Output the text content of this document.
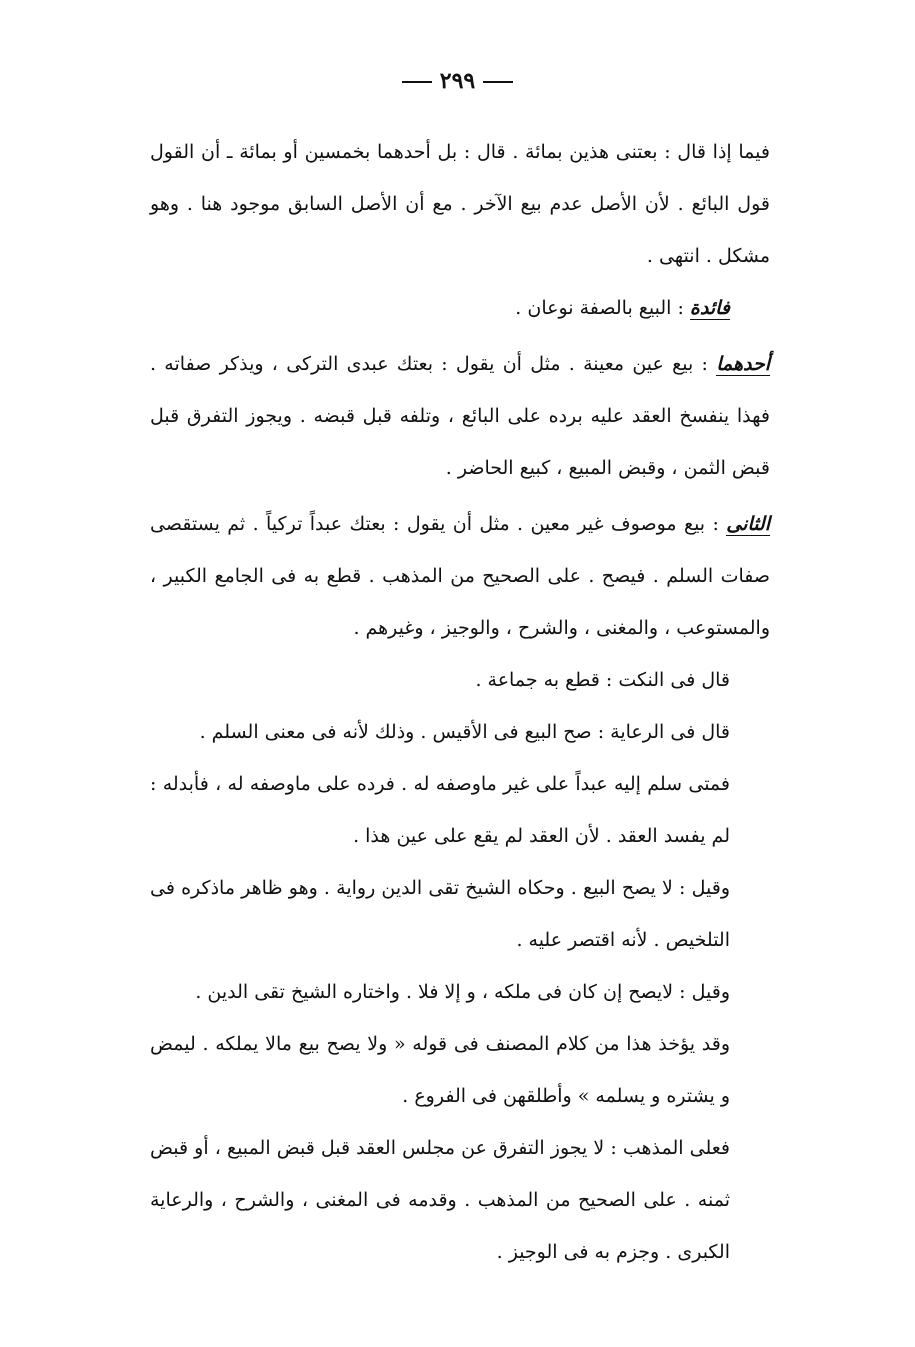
٢٩٩

فيما إذا قال : بعتنى هذين بمائة . قال : بل أحدهما بخمسين أو بمائة ـ أن القول قول البائع . لأن الأصل عدم بيع الآخر . مع أن الأصل السابق موجود هنا . وهو مشكل . انتهى .

فائدة : البيع بالصفة نوعان .

أحدهما : بيع عين معينة . مثل أن يقول : بعتك عبدى التركى ، ويذكر صفاته . فهذا ينفسخ العقد عليه برده على البائع ، وتلفه قبل قبضه . ويجوز التفرق قبل قبض الثمن ، وقبض المبيع ، كبيع الحاضر .

الثانى : بيع موصوف غير معين . مثل أن يقول : بعتك عبداً تركياً . ثم يستقصى صفات السلم . فيصح . على الصحيح من المذهب . قطع به فى الجامع الكبير ، والمستوعب ، والمغنى ، والشرح ، والوجيز ، وغيرهم .

قال فى النكت : قطع به جماعة .

قال فى الرعاية : صح البيع فى الأقيس . وذلك لأنه فى معنى السلم .

فمتى سلم إليه عبداً على غير ماوصفه له . فرده على ماوصفه له ، فأبدله : لم يفسد العقد . لأن العقد لم يقع على عين هذا .

وقيل : لا يصح البيع . وحكاه الشيخ تقى الدين رواية . وهو ظاهر ماذكره فى التلخيص . لأنه اقتصر عليه .

وقيل : لايصح إن كان فى ملكه ، و إلا فلا . واختاره الشيخ تقى الدين .

وقد يؤخذ هذا من كلام المصنف فى قوله « ولا يصح بيع مالا يملكه . ليمض و يشتره و يسلمه » وأطلقهن فى الفروع .

فعلى المذهب : لا يجوز التفرق عن مجلس العقد قبل قبض المبيع ، أو قبض ثمنه . على الصحيح من المذهب . وقدمه فى المغنى ، والشرح ، والرعاية الكبرى . وجزم به فى الوجيز .
